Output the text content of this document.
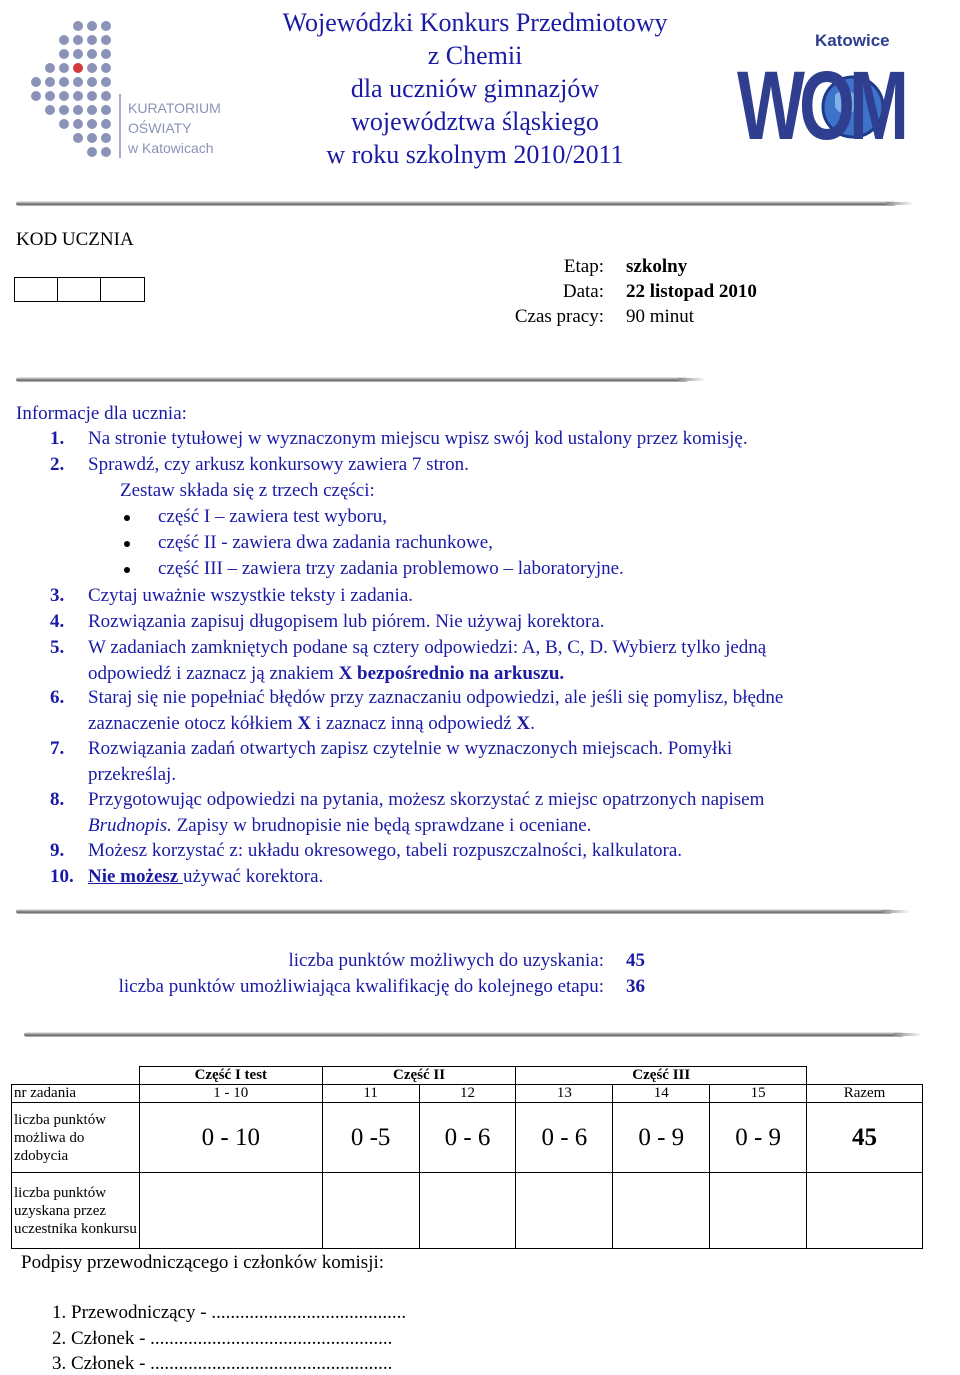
KURATORIUM
OŚWIATY
w Katowicach
Wojewódzki Konkurs Przedmiotowy
z Chemii
dla uczniów gimnazjów
województwa śląskiego
w roku szkolnym 2010/2011
Katowice
WOM
KOD UCZNIA
Etap: szkolny
Data: 22 listopad 2010
Czas pracy: 90 minut
Informacje dla ucznia:
1. Na stronie tytułowej w wyznaczonym miejscu wpisz swój kod ustalony przez komisję.
2. Sprawdź, czy arkusz konkursowy zawiera 7 stron.
Zestaw składa się z trzech części:
część I – zawiera test wyboru,
część II - zawiera dwa zadania rachunkowe,
część III – zawiera trzy zadania problemowo – laboratoryjne.
3. Czytaj uważnie wszystkie teksty i zadania.
4. Rozwiązania zapisuj długopisem lub piórem. Nie używaj korektora.
5. W zadaniach zamkniętych podane są cztery odpowiedzi: A, B, C, D. Wybierz tylko jedną
odpowiedź i zaznacz ją znakiem X bezpośrednio na arkuszu.
6. Staraj się nie popełniać błędów przy zaznaczaniu odpowiedzi, ale jeśli się pomylisz, błędne
zaznaczenie otocz kółkiem X i zaznacz inną odpowiedź X.
7. Rozwiązania zadań otwartych zapisz czytelnie w wyznaczonych miejscach. Pomyłki
przekreślaj.
8. Przygotowując odpowiedzi na pytania, możesz skorzystać z miejsc opatrzonych napisem
Brudnopis. Zapisy w brudnopisie nie będą sprawdzane i oceniane.
9. Możesz korzystać z: układu okresowego, tabeli rozpuszczalności, kalkulatora.
10. Nie możesz używać korektora.
liczba punktów możliwych do uzyskania: 45
liczba punktów umożliwiająca kwalifikację do kolejnego etapu: 36
	Część I test	Część II		Część III			
nr zadania	1 - 10	11	12	13	14	15	Razem
liczba punktów możliwa do zdobycia	0 - 10	0 -5	0 - 6	0 - 6	0 - 9	0 - 9	45
liczba punktów uzyskana przez uczestnika konkursu							
Podpisy przewodniczącego i członków komisji:
1. Przewodniczący - .........................................
2. Członek - ...................................................
3. Członek - ...................................................
